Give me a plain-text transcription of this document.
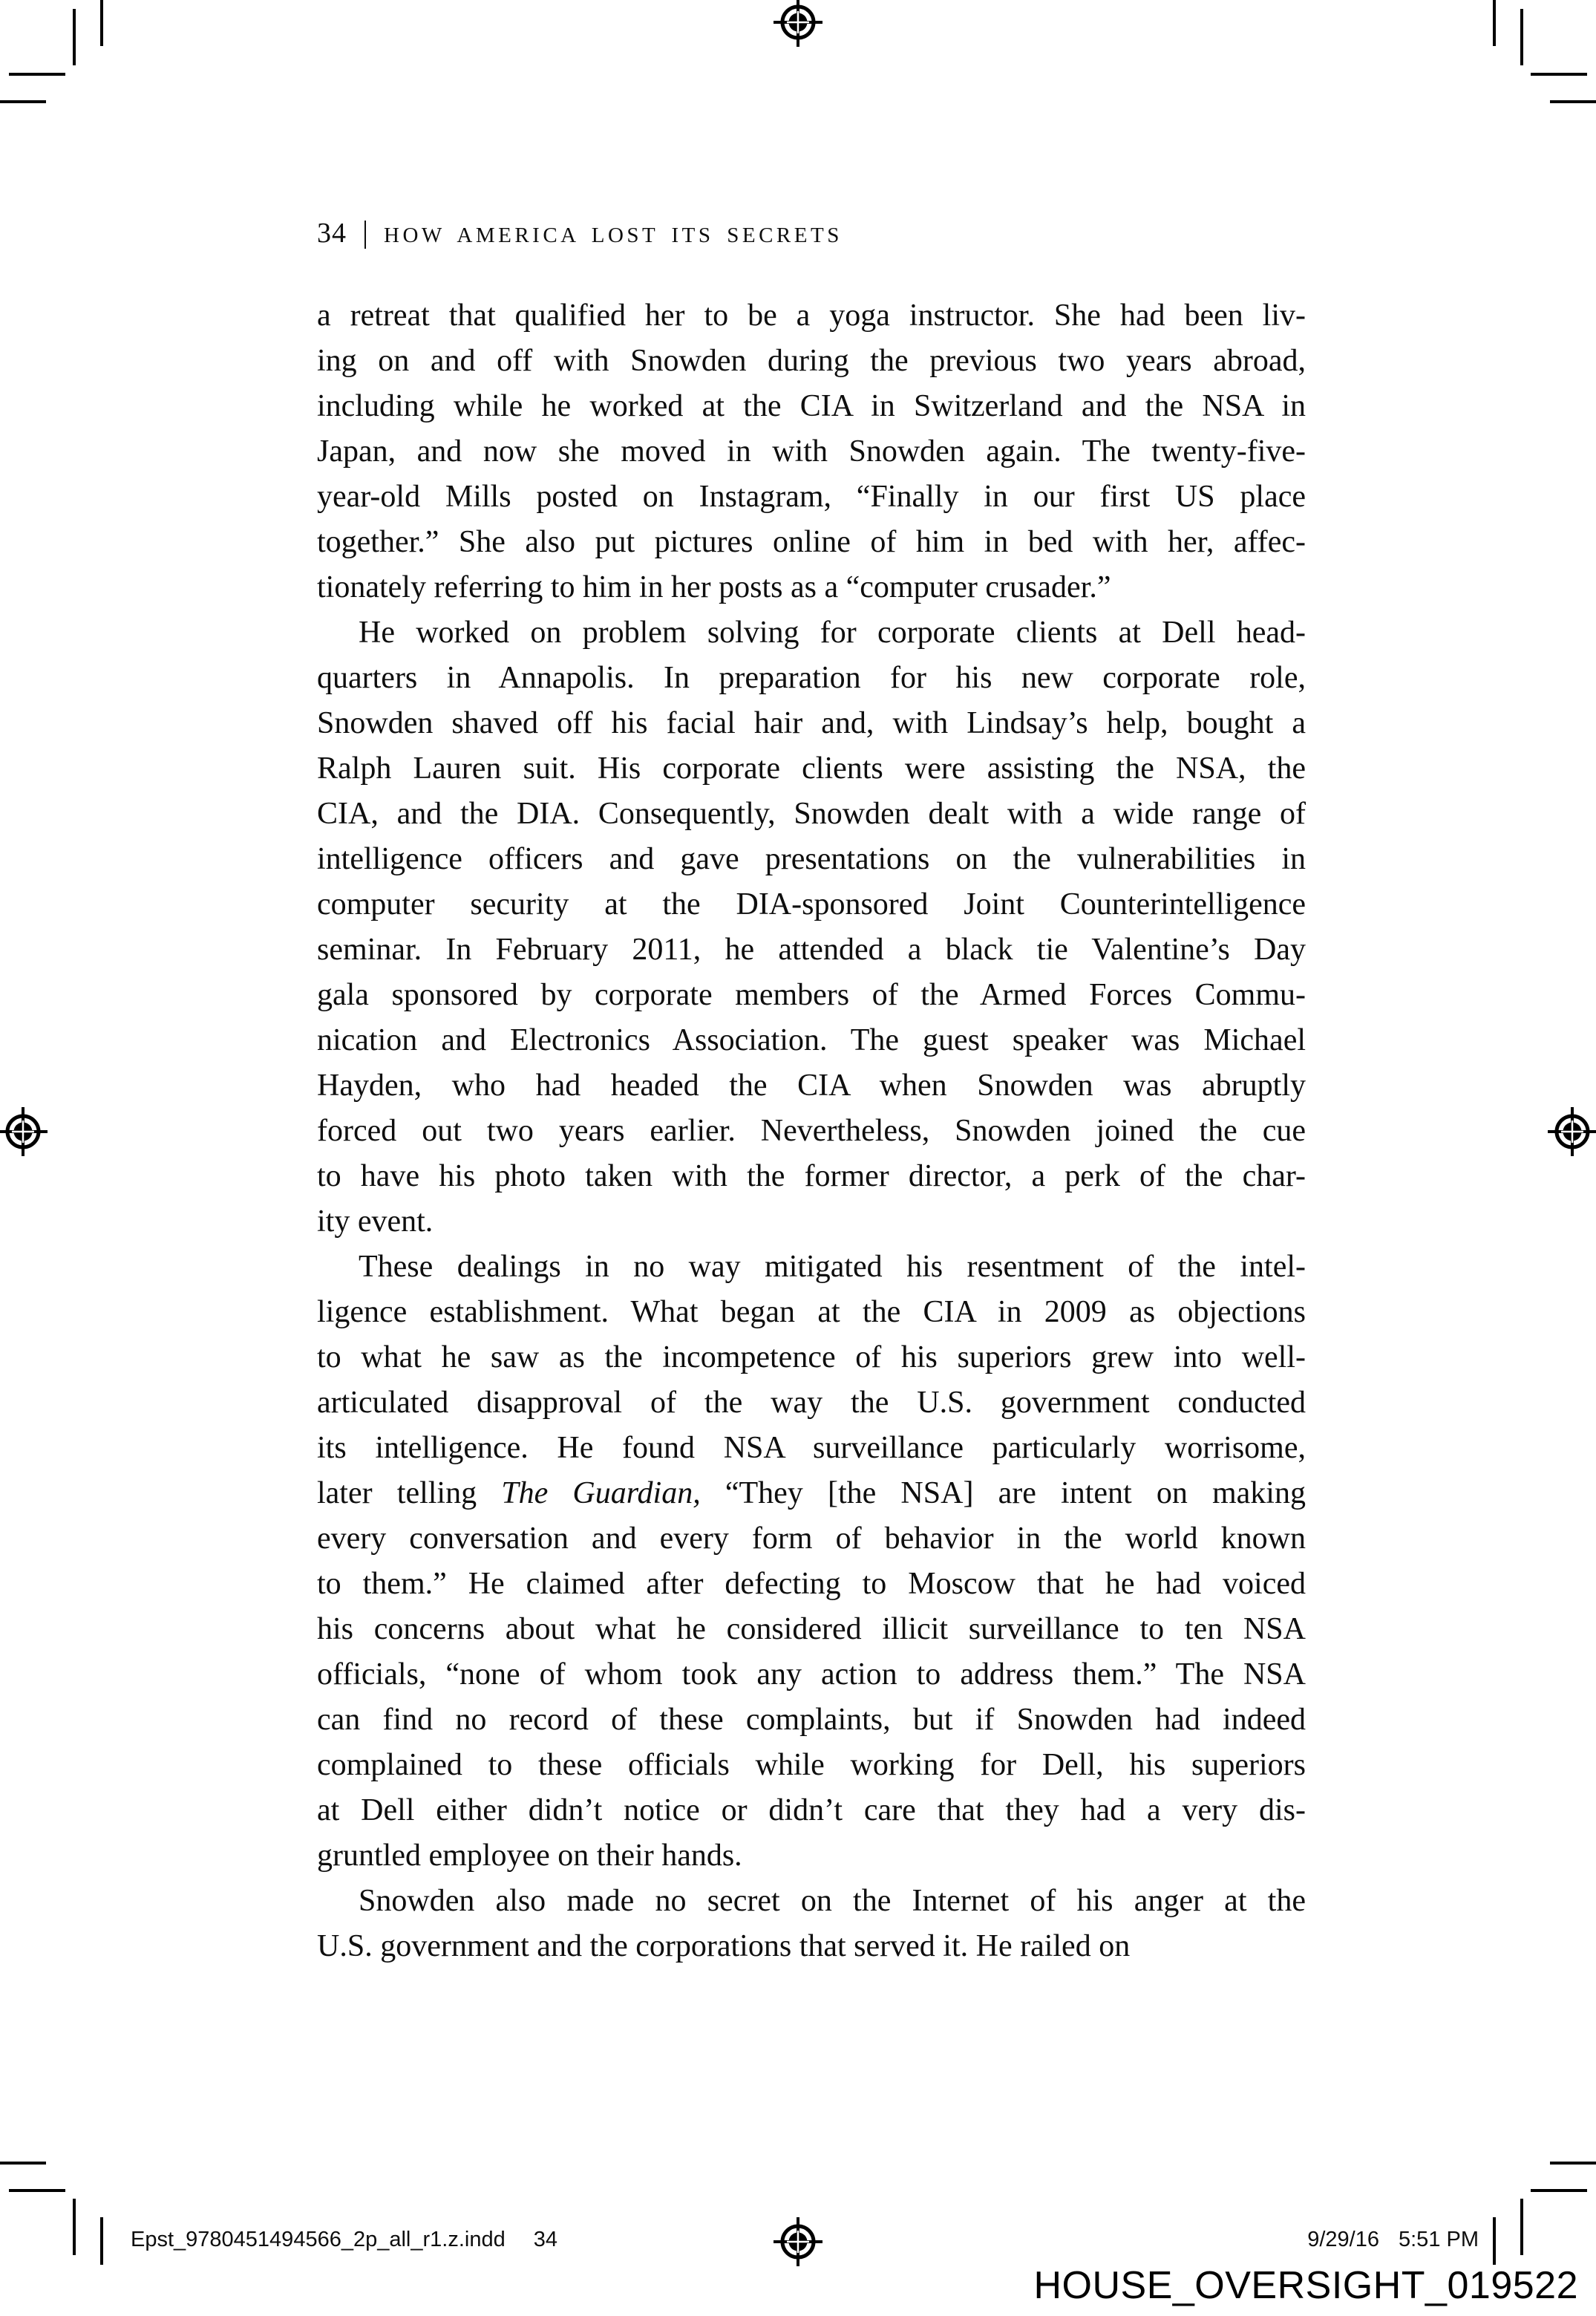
34 HOW AMERICA LOST ITS SECRETS
a retreat that qualified her to be a yoga instructor. She had been liv-
ing on and off with Snowden during the previous two years abroad,
including while he worked at the CIA in Switzerland and the NSA in
Japan, and now she moved in with Snowden again. The twenty-five-
year-old Mills posted on Instagram, “Finally in our first US place
together.” She also put pictures online of him in bed with her, affec-
tionately referring to him in her posts as a “computer crusader.”
He worked on problem solving for corporate clients at Dell head-
quarters in Annapolis. In preparation for his new corporate role,
Snowden shaved off his facial hair and, with Lindsay’s help, bought a
Ralph Lauren suit. His corporate clients were assisting the NSA, the
CIA, and the DIA. Consequently, Snowden dealt with a wide range of
intelligence officers and gave presentations on the vulnerabilities in
computer security at the DIA-sponsored Joint Counterintelligence
seminar. In February 2011, he attended a black tie Valentine’s Day
gala sponsored by corporate members of the Armed Forces Commu-
nication and Electronics Association. The guest speaker was Michael
Hayden, who had headed the CIA when Snowden was abruptly
forced out two years earlier. Nevertheless, Snowden joined the cue
to have his photo taken with the former director, a perk of the char-
ity event.
These dealings in no way mitigated his resentment of the intel-
ligence establishment. What began at the CIA in 2009 as objections
to what he saw as the incompetence of his superiors grew into well-
articulated disapproval of the way the U.S. government conducted
its intelligence. He found NSA surveillance particularly worrisome,
later telling The Guardian, “They [the NSA] are intent on making
every conversation and every form of behavior in the world known
to them.” He claimed after defecting to Moscow that he had voiced
his concerns about what he considered illicit surveillance to ten NSA
officials, “none of whom took any action to address them.” The NSA
can find no record of these complaints, but if Snowden had indeed
complained to these officials while working for Dell, his superiors
at Dell either didn’t notice or didn’t care that they had a very dis-
gruntled employee on their hands.
Snowden also made no secret on the Internet of his anger at the
U.S. government and the corporations that served it. He railed on
Epst_9780451494566_2p_all_r1.z.indd 34	9/29/16 5:51 PM
HOUSE_OVERSIGHT_019522
